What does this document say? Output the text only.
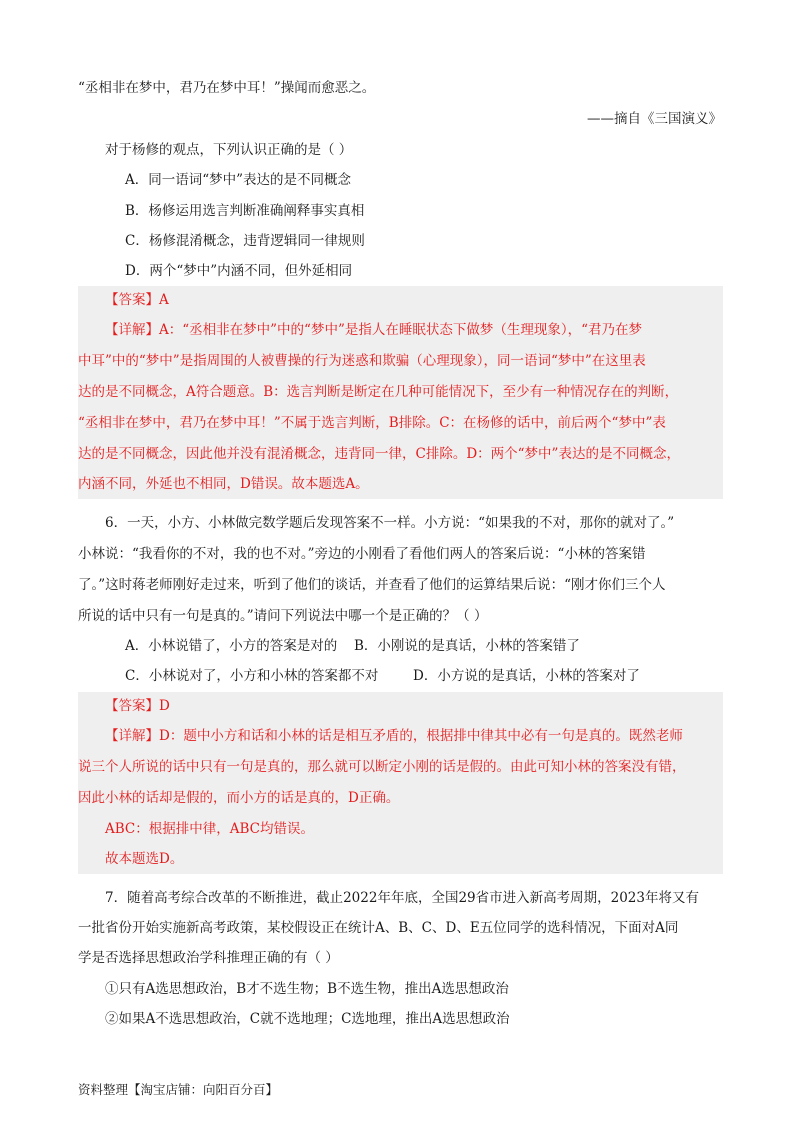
“丞相非在梦中，君乃在梦中耳！”操闻而愈恶之。
——摘自《三国演义》
对于杨修的观点，下列认识正确的是（ ）
A．同一语词“梦中”表达的是不同概念
B．杨修运用选言判断准确阐释事实真相
C．杨修混淆概念，违背逻辑同一律规则
D．两个“梦中”内涵不同，但外延相同
【答案】A
【详解】A：“丞相非在梦中”中的“梦中”是指人在睡眠状态下做梦（生理现象），“君乃在梦
中耳”中的“梦中”是指周围的人被曹操的行为迷惑和欺骗（心理现象），同一语词“梦中”在这里表
达的是不同概念，A符合题意。B：选言判断是断定在几种可能情况下，至少有一种情况存在的判断，
“丞相非在梦中，君乃在梦中耳！”不属于选言判断，B排除。C：在杨修的话中，前后两个“梦中”表
达的是不同概念，因此他并没有混淆概念，违背同一律，C排除。D：两个“梦中”表达的是不同概念，
内涵不同，外延也不相同，D错误。故本题选A。
6．一天，小方、小林做完数学题后发现答案不一样。小方说：“如果我的不对，那你的就对了。”
小林说：“我看你的不对，我的也不对。”旁边的小刚看了看他们两人的答案后说：“小林的答案错
了。”这时蒋老师刚好走过来，听到了他们的谈话，并查看了他们的运算结果后说：“刚才你们三个人
所说的话中只有一句是真的。”请问下列说法中哪一个是正确的？（ ）
A．小林说错了，小方的答案是对的 B．小刚说的是真话，小林的答案错了
C．小林说对了，小方和小林的答案都不对	D．小方说的是真话，小林的答案对了
【答案】D
【详解】D：题中小方和话和小林的话是相互矛盾的，根据排中律其中必有一句是真的。既然老师
说三个人所说的话中只有一句是真的，那么就可以断定小刚的话是假的。由此可知小林的答案没有错，
因此小林的话却是假的，而小方的话是真的，D正确。
ABC：根据排中律，ABC均错误。
故本题选D。
7．随着高考综合改革的不断推进，截止2022年年底，全国29省市进入新高考周期，2023年将又有
一批省份开始实施新高考政策，某校假设正在统计A、B、C、D、E五位同学的选科情况，下面对A同
学是否选择思想政治学科推理正确的有（ ）
①只有A选思想政治，B才不选生物；B不选生物，推出A选思想政治
②如果A不选思想政治，C就不选地理；C选地理，推出A选思想政治
资料整理【淘宝店铺：向阳百分百】
